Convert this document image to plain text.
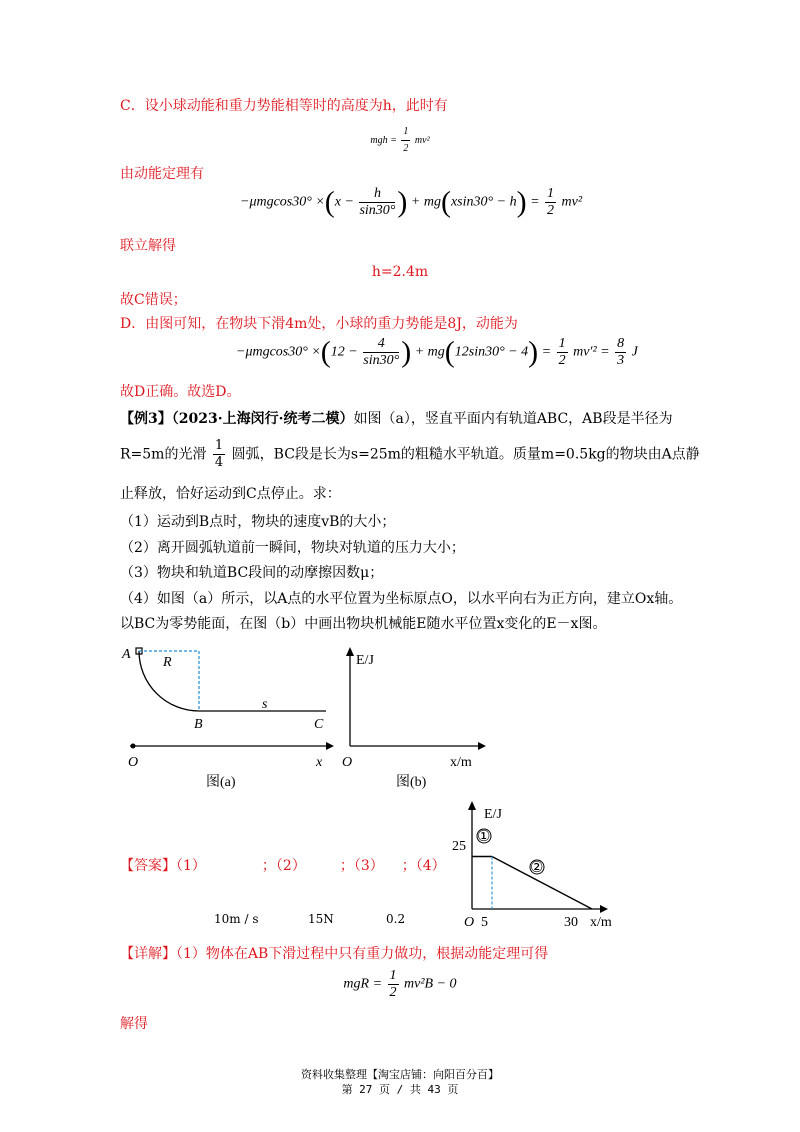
C．设小球动能和重力势能相等时的高度为h，此时有
mgh = $\frac{1}{2} mv^2$
由动能定理有
$-\mu mgcos30^\circ \times(x - \frac{h}{\sin 30^\circ}$ ) + $mg(xsin30^\circ - h) = \frac{1}{2} mv^2$
联立解得
h=2.4m
故C错误；
D．由图可知，在物块下滑4m处，小球的重力势能是8J，动能为
$-\mu mgcos30^\circ \times(12 - \frac{4}{\sin 30^\circ}$ ) + $mg(12\sin 30^\circ - 4) = \frac{1}{2} mv'^2 = \frac{8}{3}$ J
故D正确。故选D。
【例3】（2023·上海闵行·统考二模）如图（a），竖直平面内有轨道ABC，AB段是半径为
R=5m的光滑 $\frac{1}{4}$ 圆弧，BC段是长为s=25m的粗糙水平轨道。质量m=0.5kg的物块由A点静
止释放，恰好运动到C点停止。求：
（1）运动到B点时，物块的速度vB的大小；
（2）离开圆弧轨道前一瞬间，物块对轨道的压力大小；
（3）物块和轨道BC段间的动摩擦因数μ；
（4）如图（a）所示，以A点的水平位置为坐标原点O，以水平向右为正方向，建立Ox轴。
以BC为零势能面，在图（b）中画出物块机械能E随水平位置x变化的E－x图。
A
R
B
s
C
O	x
图(a)
E/J
O	x/m
图(b)
【答案】（1）	；（2） ；（3） ；（4）
10m / s	15N	0.2
E/J
25
O 5	30 x/m
①
②
【详解】（1）物体在AB下滑过程中只有重力做功，根据动能定理可得
mgR = $\frac{1}{2} mv^2B - 0$
解得
资料收集整理【淘宝店铺：向阳百分百】
第 27 页 / 共 43 页
